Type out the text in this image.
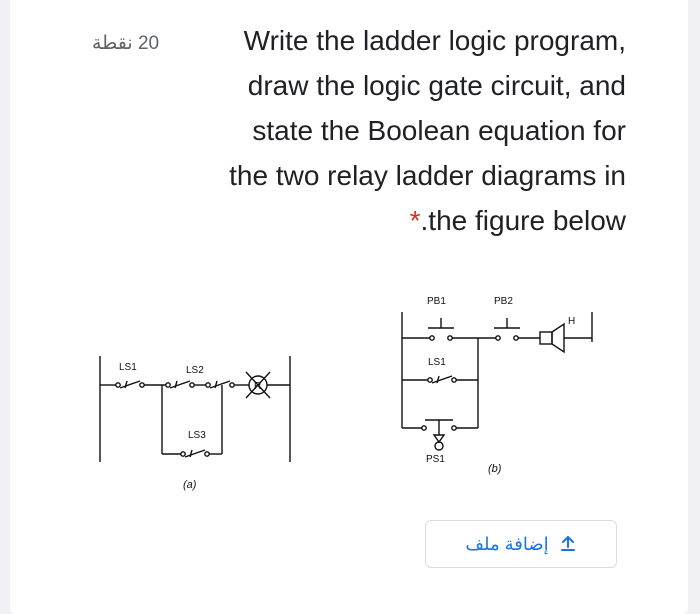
20 نقطة	Write the ladder logic program,
draw the logic gate circuit, and
state the Boolean equation for
the two relay ladder diagrams in
*.the figure below
LS1	LS2
LS3
R
(a)
PB1	PB2
H
LS1
PS1
(b)
إضافة ملف
